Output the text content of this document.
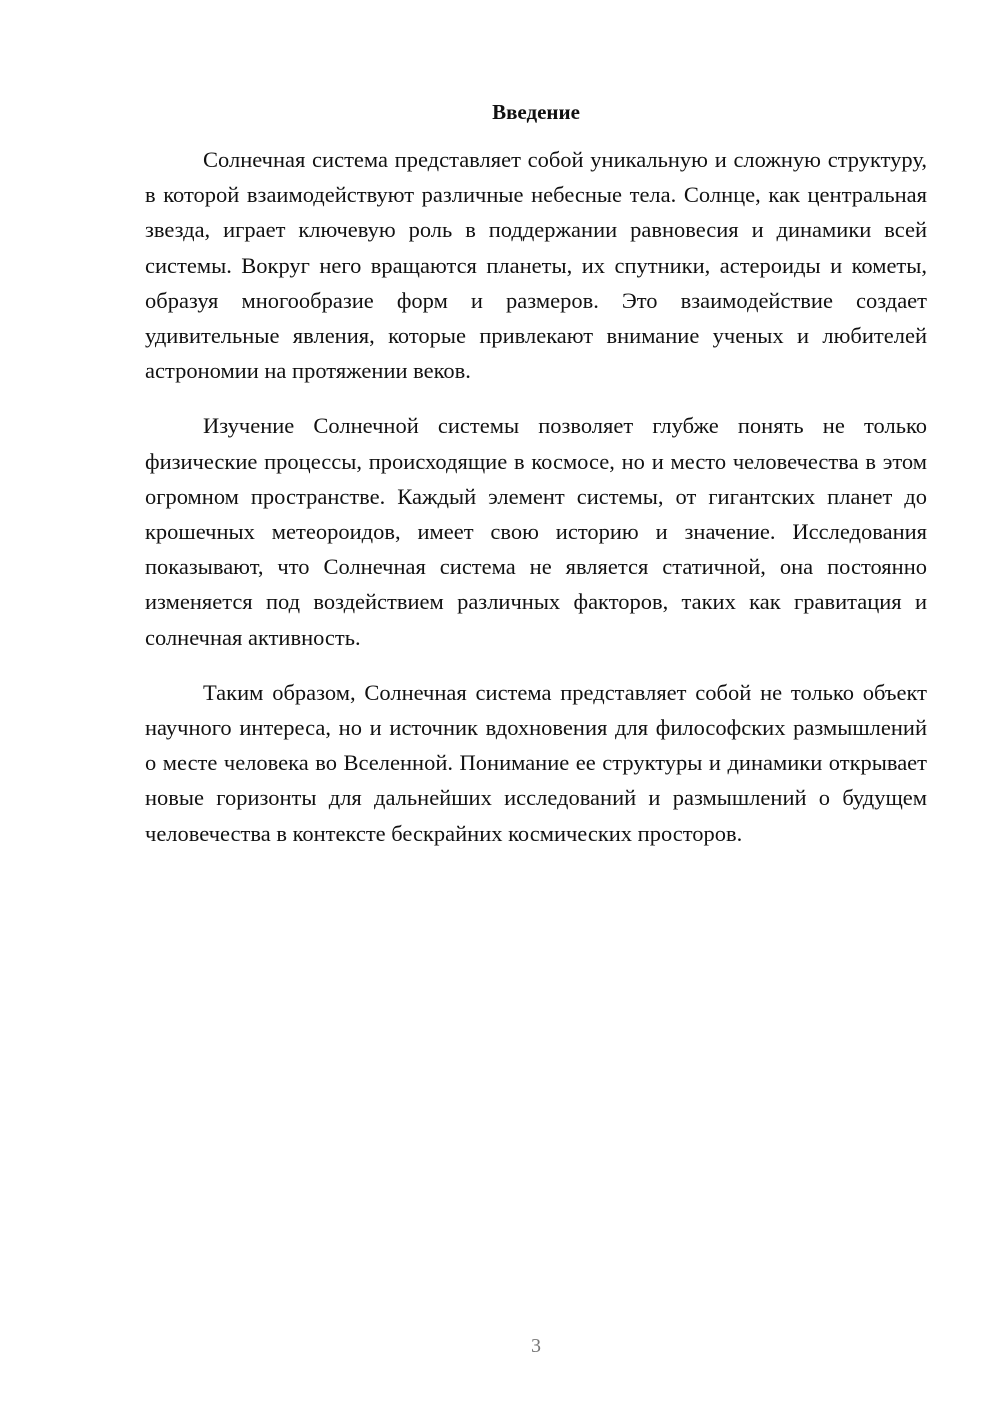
Введение

Солнечная система представляет собой уникальную и сложную структуру, в которой взаимодействуют различные небесные тела. Солнце, как центральная звезда, играет ключевую роль в поддержании равновесия и динамики всей системы. Вокруг него вращаются планеты, их спутники, астероиды и кометы, образуя многообразие форм и размеров. Это взаимодействие создает удивительные явления, которые привлекают внимание ученых и любителей астрономии на протяжении веков.

Изучение Солнечной системы позволяет глубже понять не только физические процессы, происходящие в космосе, но и место человечества в этом огромном пространстве. Каждый элемент системы, от гигантских планет до крошечных метеороидов, имеет свою историю и значение. Исследования показывают, что Солнечная система не является статичной, она постоянно изменяется под воздействием различных факторов, таких как гравитация и солнечная активность.

Таким образом, Солнечная система представляет собой не только объект научного интереса, но и источник вдохновения для философских размышлений о месте человека во Вселенной. Понимание ее структуры и динамики открывает новые горизонты для дальнейших исследований и размышлений о будущем человечества в контексте бескрайних космических просторов.

3
